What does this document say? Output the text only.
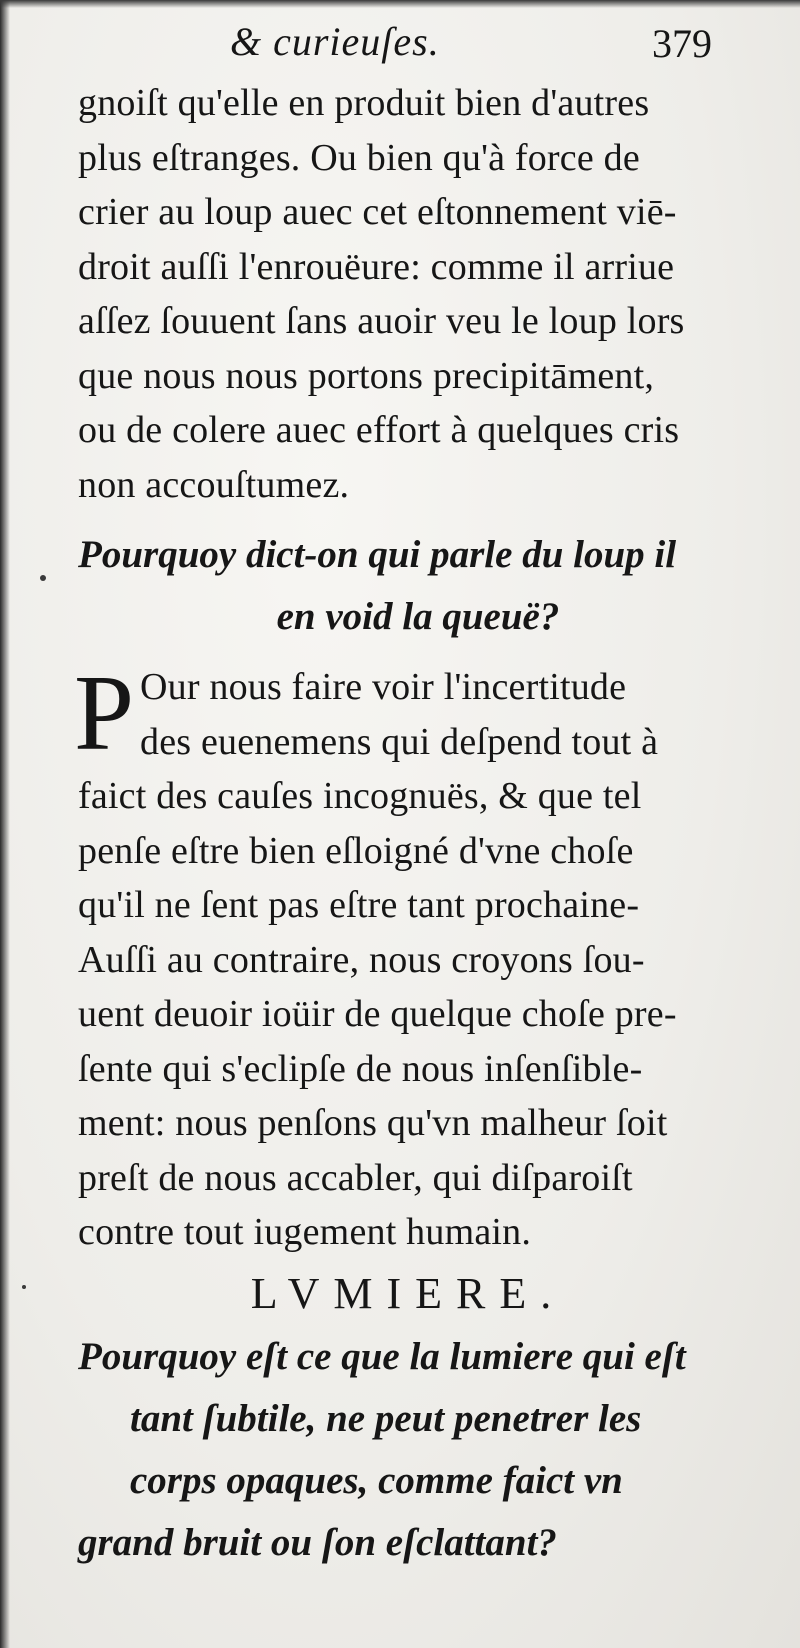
& curieuſes.	379
gnoiſt qu'elle en produit bien d'autres
plus eſtranges. Ou bien qu'à force de
crier au loup auec cet eſtonnement viē-
droit auſſi l'enrouëure: comme il arriue
aſſez ſouuent ſans auoir veu le loup lors
que nous nous portons precipitāment,
ou de colere auec effort à quelques cris
non accouſtumez.
Pourquoy dict-on qui parle du loup il
en void la queuë?
P Our nous faire voir l'incertitude
des euenemens qui deſpend tout à
faict des cauſes incognuës, & que tel
penſe eſtre bien eſloigné d'vne choſe
qu'il ne ſent pas eſtre tant prochaine-
Auſſi au contraire, nous croyons ſou-
uent deuoir ioüir de quelque choſe pre-
ſente qui s'eclipſe de nous inſenſible-
ment: nous penſons qu'vn malheur ſoit
preſt de nous accabler, qui diſparoiſt
contre tout iugement humain.
LVMIERE.
Pourquoy eſt ce que la lumiere qui eſt
tant ſubtile, ne peut penetrer les
corps opaques, comme faict vn
grand bruit ou ſon eſclattant?
